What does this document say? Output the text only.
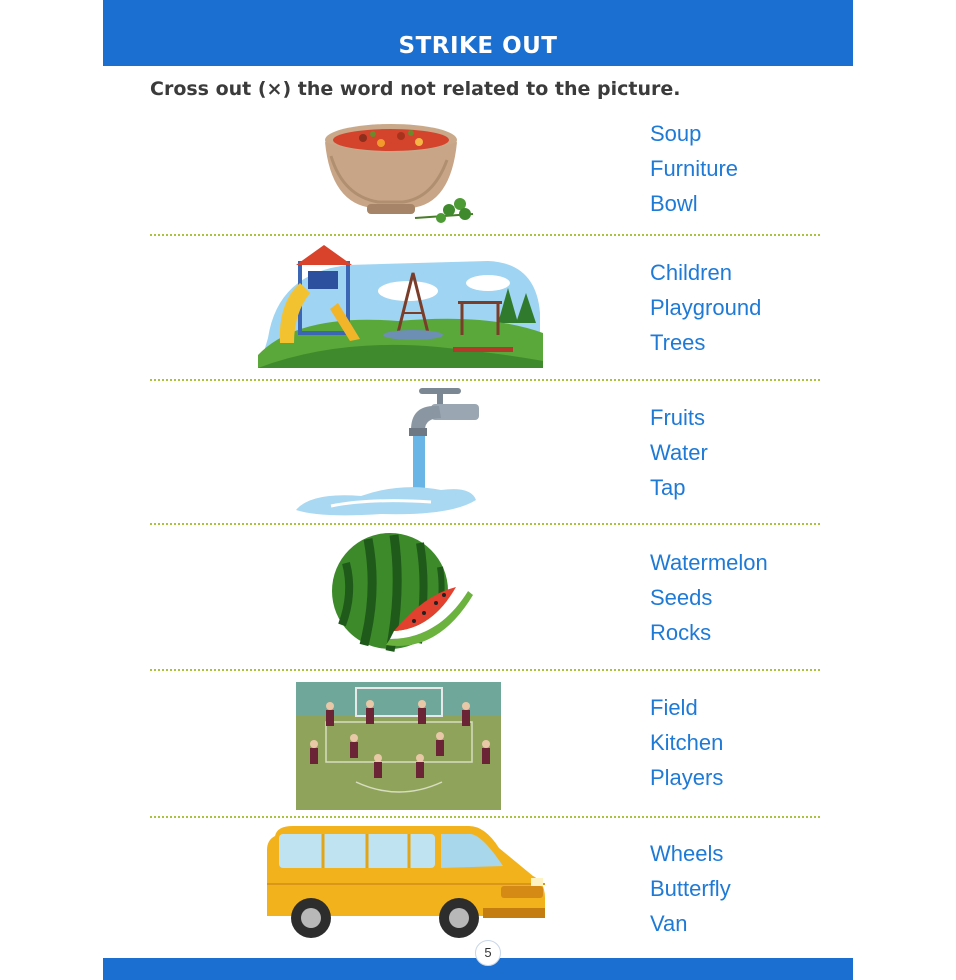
STRIKE OUT
Cross out (×) the word not related to the picture.
Soup
Furniture
Bowl
Children
Playground
Trees
Fruits
Water
Tap
Watermelon
Seeds
Rocks
Field
Kitchen
Players
Wheels
Butterfly
Van
5
